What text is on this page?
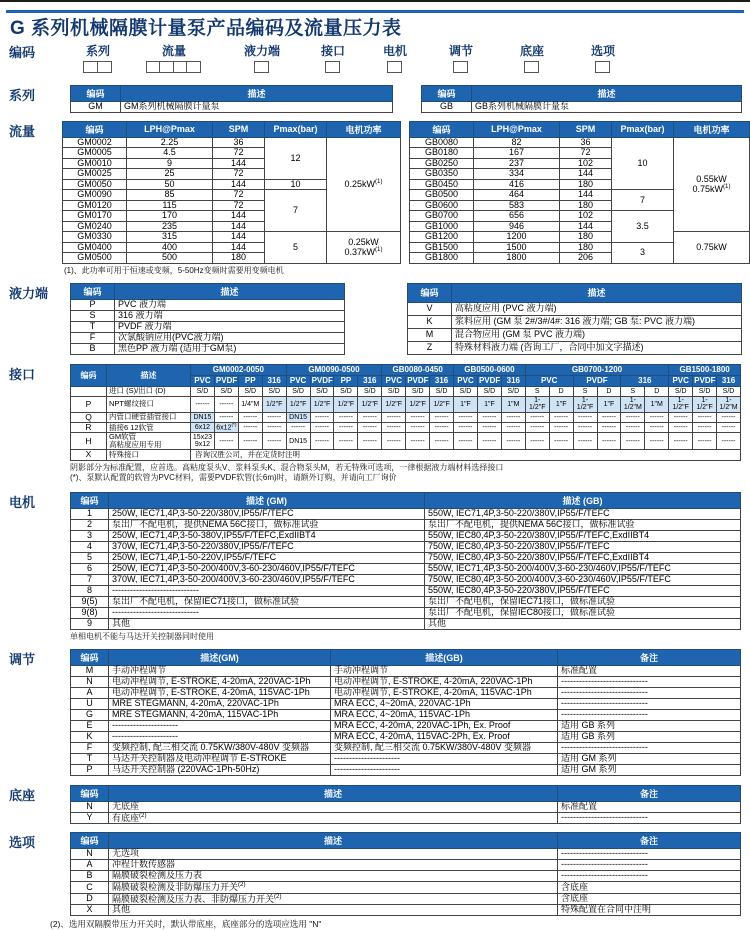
G 系列机械隔膜计量泵产品编码及流量压力表
编码	系列	流量	液力端	接口	电机	调节	底座	选项
系列	编码	描述
GM	GM系列机械隔膜计量泵
编码	描述
GB	GB系列机械隔膜计量泵
流量	编码	LPH@Pmax	SPM	Pmax(bar)	电机功率
GM0002	2.25	36	12	$0.25kW^{(1)}$
GM0005	4.5	72		
GM0010	9	144		
GM0025	25	72		
GM0050	50	144	10	
GM0090	85	72	7	
GM0120	115	72		
GM0170	170	144		
GM0240	235	144		
GM0330	315	144	5	0.25kW
$0.37kW^{(1)}$
GM0400	400	144		
GM0500	500	180		
编码	LPH@Pmax	SPM	Pmax(bar)	电机功率
GB0080	82	36	10	0.55kW
$0.75kW^{(1)}$
GB0180	167	72		
GB0250	237	102		
GB0350	334	144		
GB0450	416	180		
GB0500	464	144	7	
GB0600	583	180		
GB0700	656	102	3.5	
GB1000	946	144		
GB1200	1200	180		0.75kW
GB1500	1500	180	3	
GB1800	1800	206		
(1)、此功率可用于恒速或变频，5-50Hz变频时需要用变频电机
液力端	编码	描述
P	PVC 液力端
S	316 液力端
T	PVDF 液力端
F	次氯酸钠应用(PVC液力端)
B	黑色PP 液力端 (适用于GM泵)
编码	描述
V	高粘度应用 (PVC 液力端)
K	浆料应用 (GM 泵 2#/3#/4#: 316 液力端; GB 泵: PVC 液力端)
M	混合物应用 (GM 泵 PVC 液力端)
Z	特殊材料液力端 (咨询工厂，合同中加文字描述)
接口	编码	描述	GM0002-0050				GM0090-0500				GB0080-0450			GB0500-0600			GB0700-1200						GB1500-1800		
		PVC	PVDF	PP	316	PVC	PVDF	PP	316	PVC	PVDF	316	PVC	PVDF	316	PVC		PVDF		316		PVC	PVDF	316
	进口 (S)/出口 (D)	S/D	S/D	S/D	S/D	S/D	S/D	S/D	S/D	S/D	S/D	S/D	S/D	S/D	S/D	S	D	S	D	S	D	S/D	S/D	S/D
P	NPT螺纹接口	------	------	1/4"M	1/2"F	1/2"F	1/2"F	1/2"F	1/2"F	1/2"F	1/2"F	1/2"F	1"F	1"F	1"M	1-1/2"F	1"F	1-1/2"F	1"F	1-1/2"M	1"M	1-1/2"F	1-1/2"F	1-1/2"M
Q	内管口硬管插管接口	DN15	------	------	------	DN15	------	------	------	------	------	------	------	------	------	------	------	------	------	------	------	------	------	------
R	插接6 12软管	6x12	6x12(*)	------	------	------	------	------	------	------	------	------	------	------	------	------	------	------	------	------	------	------	------	------
H	GM软管
高粘度应用专用	15x23
9x12	------	------	------	DN15	------	------	------	------	------	------	------	------	------	------	------	------	------	------	------	------	------	------
X	特殊接口	咨询汉胜公司，并在定货时注明																						
阴影部分为标准配置，应首选。高粘度泵头V、浆料泵头K、混合物泵头M，若无特殊可选项，一律根据液力端材料选择接口
(*)、泵默认配置的软管为PVC材料，需要PVDF软管(长6m)时，请额外订购，并请向工厂询价
电机	编码	描述 (GM)	描述 (GB)
1	250W, IEC71,4P,3-50-220/380V,IP55/F/TEFC	550W, IEC71,4P,3-50-220/380V,IP55/F/TEFC
2	泵出厂不配电机，提供NEMA 56C接口，做标准试验	泵出厂不配电机，提供NEMA 56C接口，做标准试验
3	250W, IEC71,4P,3-50-380V,IP55/F/TEFC,ExdIIBT4	550W, IEC80,4P,3-50-220/380V,IP55/F/TEFC,ExdIIBT4
4	370W, IEC71,4P,3-50-220/380V,IP55/F/TEFC	750W, IEC80,4P,3-50-220/380V,IP55/F/TEFC
5	250W, IEC71,4P,1-50-220V,IP55/F/TEFC	750W, IEC80,4P,3-50-220/380V,IP55/F/TEFC,ExdIIBT4
6	250W, IEC71,4P,3-50-200/400V,3-60-230/460V,IP55/F/TEFC	550W, IEC71,4P,3-50-200/400V,3-60-230/460V,IP55/F/TEFC
7	370W, IEC71,4P,3-50-200/400V,3-60-230/460V,IP55/F/TEFC	750W, IEC80,4P,3-50-200/400V,3-60-230/460V,IP55/F/TEFC
8	-----------------------------	550W, IEC80,4P,3-50-220/380V,IP55/F/TEFC
9(5)	泵出厂不配电机，保留IEC71接口，做标准试验	泵出厂不配电机，保留IEC71接口，做标准试验
9(8)	-----------------------------	泵出厂不配电机，保留IEC80接口，做标准试验
9	其他	其他
单相电机不能与马达开关控制器同时使用
调节	编码	描述(GM)	描述(GB)	备注
M	手动冲程调节	手动冲程调节	标准配置
N	电动冲程调节, E-STROKE, 4-20mA, 220VAC-1Ph	电动冲程调节, E-STROKE, 4-20mA, 220VAC-1Ph	-----------------------------
A	电动冲程调节, E-STROKE, 4-20mA, 115VAC-1Ph	电动冲程调节, E-STROKE, 4-20mA, 115VAC-1Ph	-----------------------------
U	MRE STEGMANN, 4-20mA, 220VAC-1Ph	MRA ECC, 4~20mA, 220VAC-1Ph	-----------------------------
G	MRE STEGMANN, 4-20mA, 115VAC-1Ph	MRA ECC, 4~20mA, 115VAC-1Ph	-----------------------------
E	----------------------	MRA ECC, 4-20mA, 220VAC-1Ph, Ex. Proof	适用 GB 系列
K	----------------------	MRA ECC, 4-20mA, 115VAC-2Ph, Ex. Proof	适用 GB 系列
F	变频控制, 配三相交流 0.75KW/380V-480V 变频器	变频控制, 配三相交流 0.75KW/380V-480V 变频器	-----------------------------
T	马达开关控制器及电动冲程调节 E-STROKE	----------------------	适用 GM 系列
P	马达开关控制器 (220VAC-1Ph-50Hz)	----------------------	适用 GM 系列
底座	编码	描述	备注
N	无底座	标准配置
Y	有底座$^{(2)}$	-----------------------------
选项	编码	描述	备注
N	无选项	-----------------------------
A	冲程计数传感器	-----------------------------
B	隔膜破裂检测及压力表	-----------------------------
C	隔膜破裂检测及非防爆压力开关$^{(2)}$	含底座
D	隔膜破裂检测及压力表、非防爆压力开关$^{(2)}$	含底座
X	其他	特殊配置在合同中注明
(2)、选用双隔膜带压力开关时，默认带底座，底座部分的选项应选用 "N"
